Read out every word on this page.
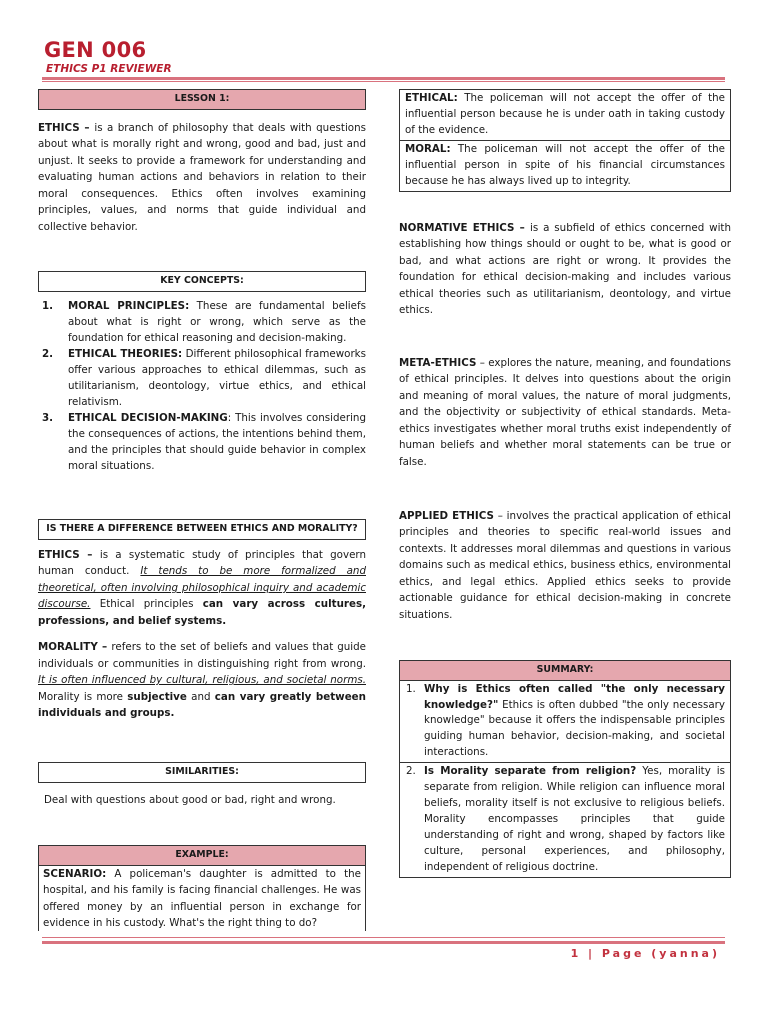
GEN 006
ETHICS P1 REVIEWER
LESSON 1:

ETHICS – is a branch of philosophy that deals with questions about what is morally right and wrong, good and bad, just and unjust. It seeks to provide a framework for understanding and evaluating human actions and behaviors in relation to their moral consequences. Ethics often involves examining principles, values, and norms that guide individual and collective behavior.

KEY CONCEPTS:
1. MORAL PRINCIPLES: These are fundamental beliefs about what is right or wrong, which serve as the foundation for ethical reasoning and decision-making.
2. ETHICAL THEORIES: Different philosophical frameworks offer various approaches to ethical dilemmas, such as utilitarianism, deontology, virtue ethics, and ethical relativism.
3. ETHICAL DECISION-MAKING: This involves considering the consequences of actions, the intentions behind them, and the principles that should guide behavior in complex moral situations.
IS THERE A DIFFERENCE BETWEEN ETHICS AND MORALITY?

ETHICS – is a systematic study of principles that govern human conduct. It tends to be more formalized and theoretical, often involving philosophical inquiry and academic discourse. Ethical principles can vary across cultures, professions, and belief systems.

MORALITY – refers to the set of beliefs and values that guide individuals or communities in distinguishing right from wrong. It is often influenced by cultural, religious, and societal norms. Morality is more subjective and can vary greatly between individuals and groups.

SIMILARITIES:

Deal with questions about good or bad, right and wrong.

EXAMPLE:

SCENARIO: A policeman's daughter is admitted to the hospital, and his family is facing financial challenges. He was offered money by an influential person in exchange for evidence in his custody. What's the right thing to do?

ETHICAL: The policeman will not accept the offer of the influential person because he is under oath in taking custody of the evidence.
MORAL: The policeman will not accept the offer of the influential person in spite of his financial circumstances because he has always lived up to integrity.

NORMATIVE ETHICS – is a subfield of ethics concerned with establishing how things should or ought to be, what is good or bad, and what actions are right or wrong. It provides the foundation for ethical decision-making and includes various ethical theories such as utilitarianism, deontology, and virtue ethics.

META-ETHICS – explores the nature, meaning, and foundations of ethical principles. It delves into questions about the origin and meaning of moral values, the nature of moral judgments, and the objectivity or subjectivity of ethical standards. Meta-ethics investigates whether moral truths exist independently of human beliefs and whether moral statements can be true or false.

APPLIED ETHICS – involves the practical application of ethical principles and theories to specific real-world issues and contexts. It addresses moral dilemmas and questions in various domains such as medical ethics, business ethics, environmental ethics, and legal ethics. Applied ethics seeks to provide actionable guidance for ethical decision-making in concrete situations.

SUMMARY:
1. Why is Ethics often called "the only necessary knowledge?" Ethics is often dubbed "the only necessary knowledge" because it offers the indispensable principles guiding human behavior, decision-making, and societal interactions.
2. Is Morality separate from religion? Yes, morality is separate from religion. While religion can influence moral beliefs, morality itself is not exclusive to religious beliefs. Morality encompasses principles that guide understanding of right and wrong, shaped by factors like culture, personal experiences, and philosophy, independent of religious doctrine.
1 | Page (yanna)
